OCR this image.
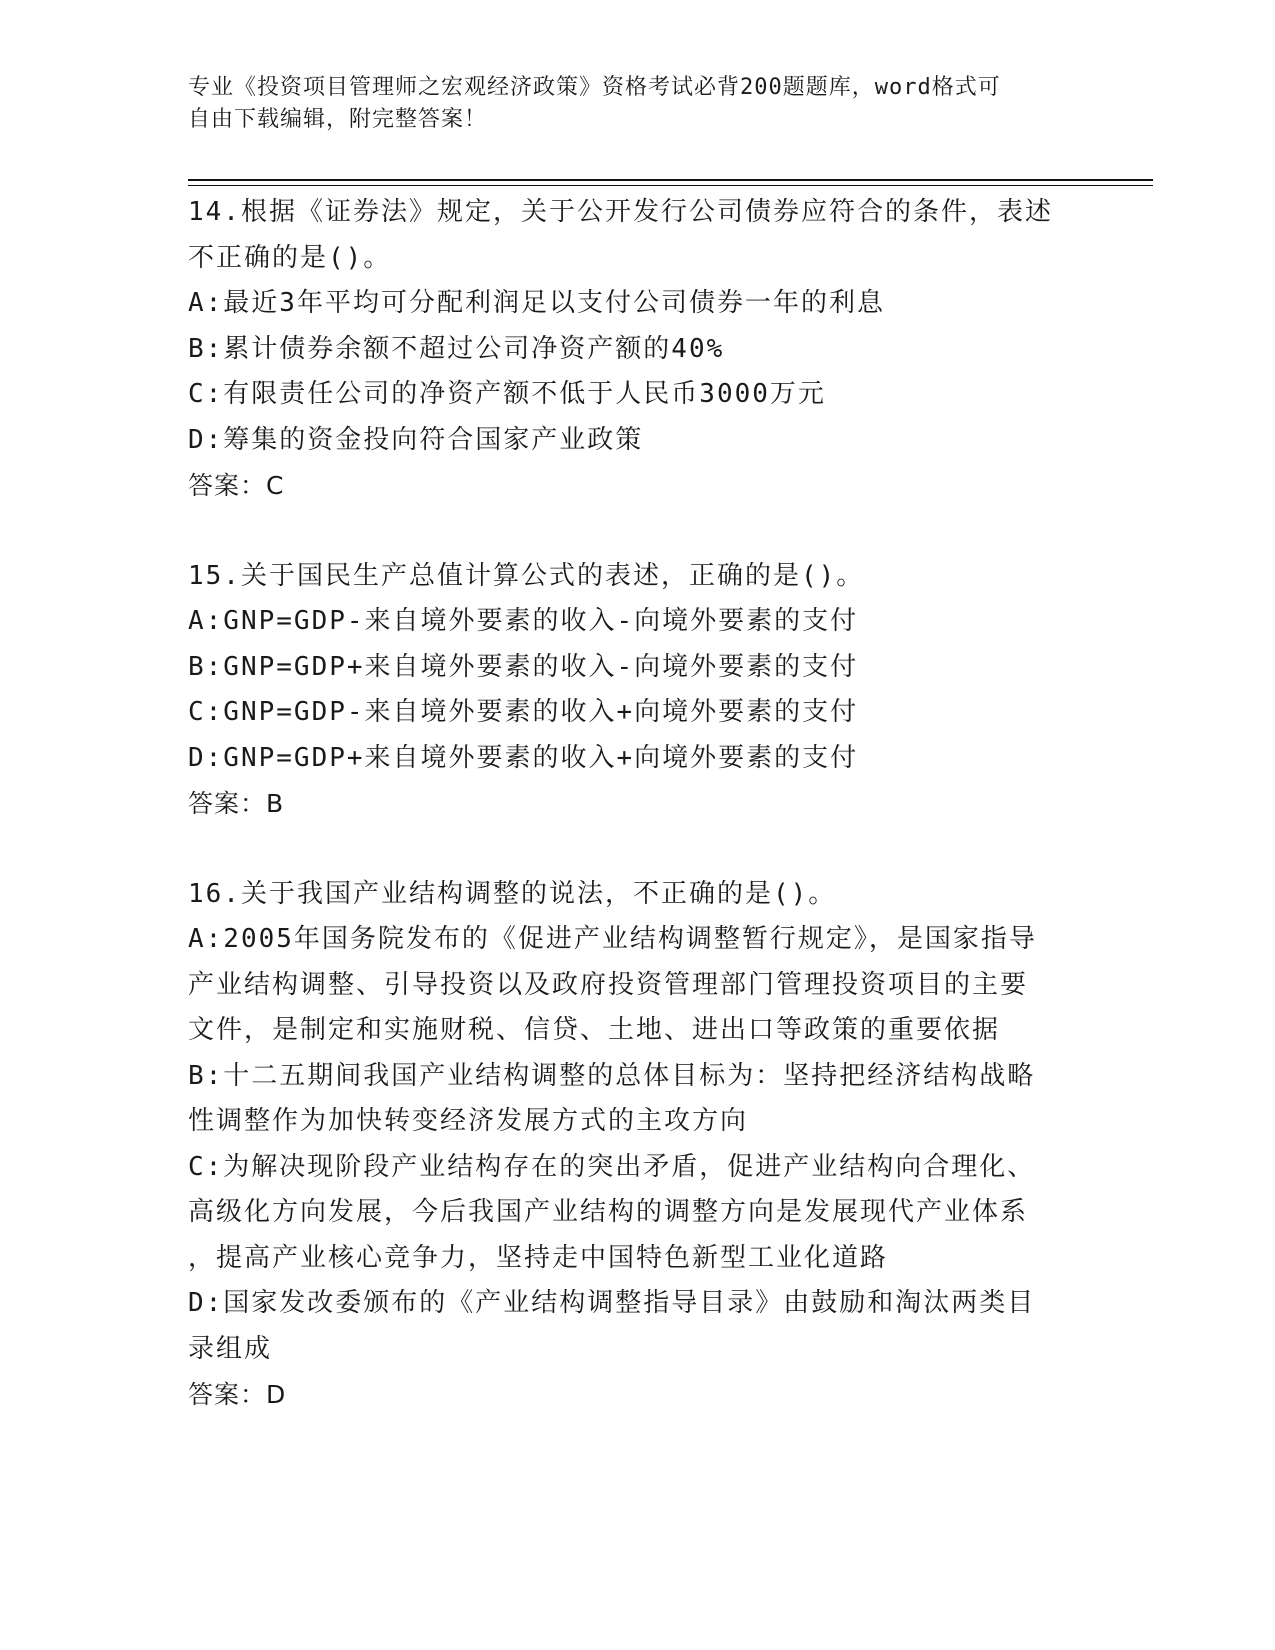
专业《投资项目管理师之宏观经济政策》资格考试必背200题题库，word格式可
自由下载编辑，附完整答案！

14.根据《证券法》规定，关于公开发行公司债券应符合的条件，表述

不正确的是()。

A:最近3年平均可分配利润足以支付公司债券一年的利息

B:累计债券余额不超过公司净资产额的40%

C:有限责任公司的净资产额不低于人民币3000万元

D:筹集的资金投向符合国家产业政策

答案：C

15.关于国民生产总值计算公式的表述，正确的是()。

A:GNP=GDP-来自境外要素的收入-向境外要素的支付

B:GNP=GDP+来自境外要素的收入-向境外要素的支付

C:GNP=GDP-来自境外要素的收入+向境外要素的支付

D:GNP=GDP+来自境外要素的收入+向境外要素的支付

答案：B

16.关于我国产业结构调整的说法，不正确的是()。

A:2005年国务院发布的《促进产业结构调整暂行规定》，是国家指导

产业结构调整、引导投资以及政府投资管理部门管理投资项目的主要

文件，是制定和实施财税、信贷、土地、进出口等政策的重要依据

B:十二五期间我国产业结构调整的总体目标为：坚持把经济结构战略

性调整作为加快转变经济发展方式的主攻方向

C:为解决现阶段产业结构存在的突出矛盾，促进产业结构向合理化、

高级化方向发展，今后我国产业结构的调整方向是发展现代产业体系

，提高产业核心竞争力，坚持走中国特色新型工业化道路

D:国家发改委颁布的《产业结构调整指导目录》由鼓励和淘汰两类目

录组成

答案：D
